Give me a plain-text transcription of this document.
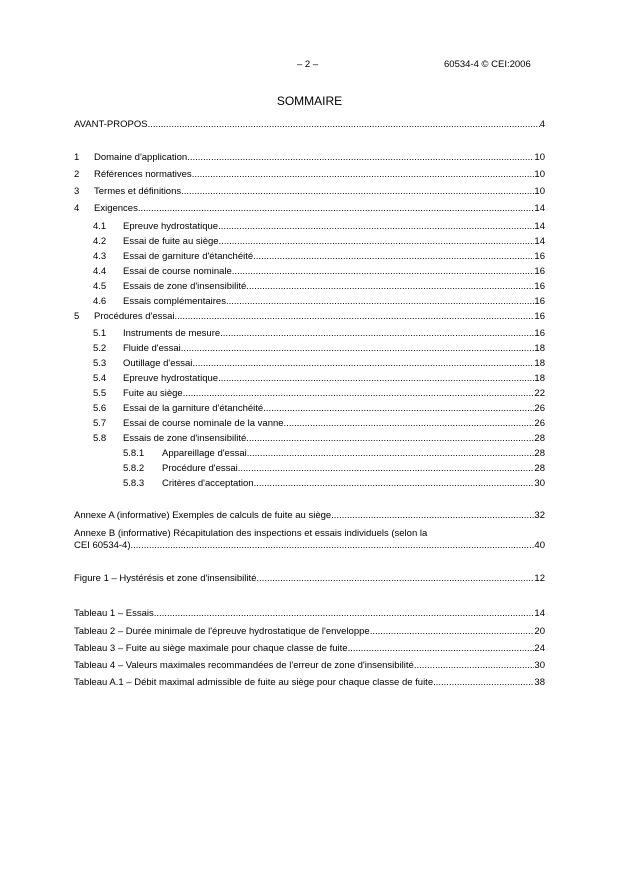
– 2 –	60534-4 © CEI:2006
SOMMAIRE
AVANT-PROPOS .....	4
1	Domaine d'application .....	10
2	Références normatives .....	10
3	Termes et définitions .....	10
4	Exigences .....	14
4.1	Epreuve hydrostatique .....	14
4.2	Essai de fuite au siège .....	14
4.3	Essai de garniture d'étanchéité .....	16
4.4	Essai de course nominale .....	16
4.5	Essais de zone d'insensibilité .....	16
4.6	Essais complémentaires .....	16
5	Procédures d'essai .....	16
5.1	Instruments de mesure .....	16
5.2	Fluide d'essai .....	18
5.3	Outillage d'essai .....	18
5.4	Epreuve hydrostatique .....	18
5.5	Fuite au siège .....	22
5.6	Essai de la garniture d'étanchéité .....	26
5.7	Essai de course nominale de la vanne .....	26
5.8	Essais de zone d'insensibilité .....	28
5.8.1	Appareillage d'essai .....	28
5.8.2	Procédure d'essai .....	28
5.8.3	Critères d'acceptation .....	30
Annexe A (informative) Exemples de calculs de fuite au siège .....	32
Annexe B (informative) Récapitulation des inspections et essais individuels (selon la
CEI 60534-4) .....	40
Figure 1 – Hystérésis et zone d'insensibilité .....	12
Tableau 1 – Essais .....	14
Tableau 2 – Durée minimale de l'épreuve hydrostatique de l'enveloppe .....	20
Tableau 3 – Fuite au siège maximale pour chaque classe de fuite .....	24
Tableau 4 – Valeurs maximales recommandées de l'erreur de zone d'insensibilité .....	30
Tableau A.1 – Débit maximal admissible de fuite au siège pour chaque classe de fuite .....	38
